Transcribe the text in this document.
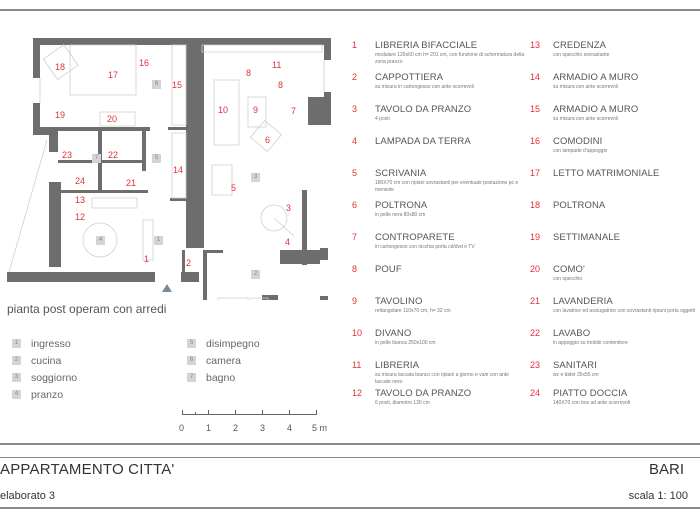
18
17
16
15
19	20
23	22
24	21
13
12
14
1	2
11
8
8
10	9	7
6
5
3
4
6
7	5
4	1
3
2
pianta post operam con arredi
1 ingresso
2 cucina
3 soggiorno
4 pranzo
5 disimpegno
6 camera
7 bagno
0 1 2 3 4 5 m
1	LIBRERIA BIFACCIALE
modulare 120x60 cm h= 201 cm, con funzione di schermatura della zona pranzo
2	CAPPOTTIERA
su misura in cartongesso con ante scorrevoli
3	TAVOLO DA PRANZO
4 posti
4	LAMPADA DA TERRA
5	SCRIVANIA
180X70 cm con ripiani sovrastanti per eventuale postazione pc e mensole
6	POLTRONA
in pelle nera 80x80 cm
7	CONTROPARETE
in cartongesso con nicchia porta cd/dvd e TV
8	POUF
9	TAVOLINO
rettangolare 110x70 cm, h= 32 cm
10	DIVANO
in pelle bianca 250x100 cm
11	LIBRERIA
su misura laccata bianco con ripiani a giorno e vani con ante laccate nero
12	TAVOLO DA PRANZO
6 posti, diametro 130 cm
13	CREDENZA
con specchio sovrastante
14	ARMADIO A MURO
su misura con ante scorrevoli
15	ARMADIO A MURO
su misura con ante scorrevoli
16	COMODINI
con lampade d'appoggio
17	LETTO MATRIMONIALE
18	POLTRONA
19	SETTIMANALE
20	COMO'
con specchio
21	LAVANDERIA
con lavatrice ed asciugatrice con sovrastanti ripiani porta oggetti
22	LAVABO
in appoggio su mobile contenitore
23	SANITARI
wc e bidet 35x55 cm
24	PIATTO DOCCIA
140X70 con box ad ante scorrevoli
APPARTAMENTO CITTA'	BARI
elaborato 3	scala 1: 100
